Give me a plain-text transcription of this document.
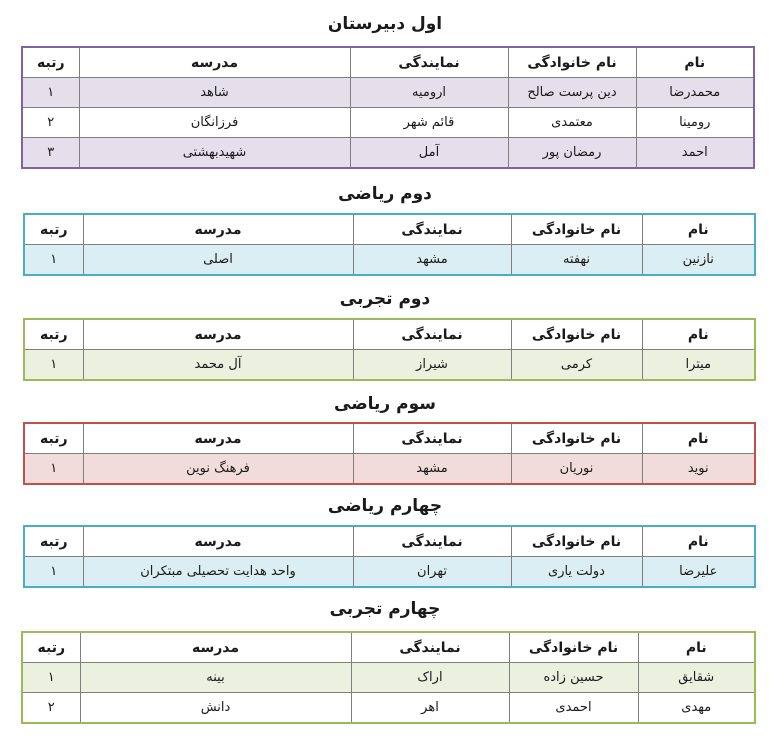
اول دبیرستان
نام	نام خانوادگی	نمایندگی	مدرسه	رتبه
محمدرضا	دین پرست صالح	ارومیه	شاهد	۱
رومینا	معتمدی	قائم شهر	فرزانگان	۲
احمد	رمضان پور	آمل	شهیدبهشتی	۳
دوم ریاضی
نام	نام خانوادگی	نمایندگی	مدرسه	رتبه
نازنین	نهفته	مشهد	اصلی	۱
دوم تجربی
نام	نام خانوادگی	نمایندگی	مدرسه	رتبه
میترا	کرمی	شیراز	آل محمد	۱
سوم ریاضی
نام	نام خانوادگی	نمایندگی	مدرسه	رتبه
نوید	نوریان	مشهد	فرهنگ نوین	۱
چهارم ریاضی
نام	نام خانوادگی	نمایندگی	مدرسه	رتبه
علیرضا	دولت یاری	تهران	واحد هدایت تحصیلی مبتکران	۱
چهارم تجربی
نام	نام خانوادگی	نمایندگی	مدرسه	رتبه
شقایق	حسین زاده	اراک	بینه	۱
مهدی	احمدی	اهر	دانش	۲
